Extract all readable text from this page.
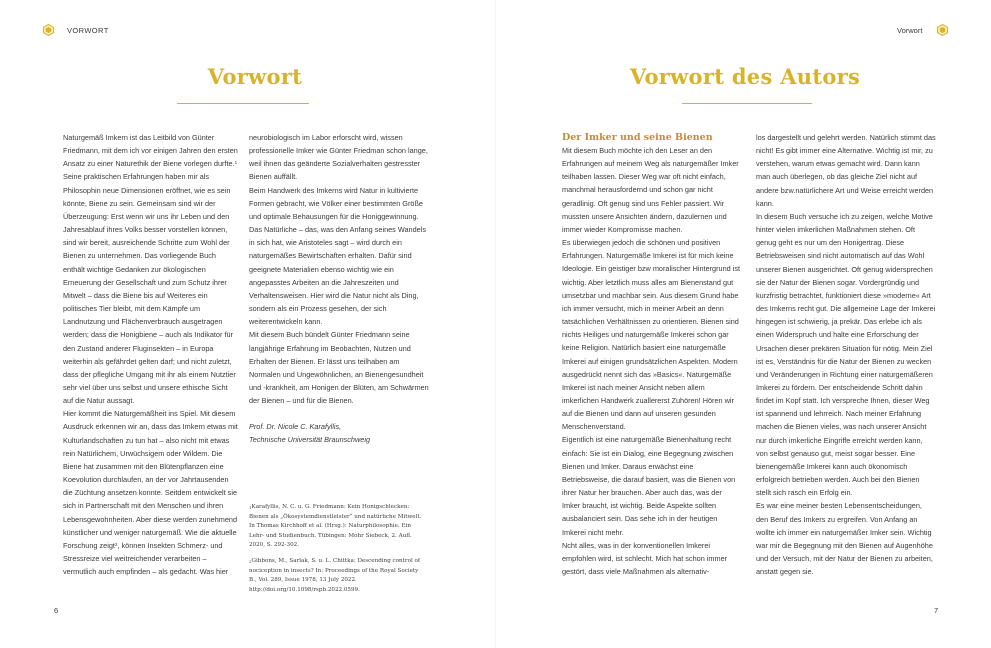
VORWORT
Vorwort

Naturgemäß Imkern ist das Leitbild von Günter Friedmann, mit dem ich vor einigen Jahren den ersten Ansatz zu einer Naturethik der Biene vorlegen durfte.$^1$ Seine praktischen Erfahrungen haben mir als Philosophin neue Dimensionen eröffnet, wie es sein könnte, Biene zu sein. Gemeinsam sind wir der Überzeugung: Erst wenn wir uns ihr Leben und den Jahresablauf ihres Volks besser vorstellen können, sind wir bereit, ausreichende Schritte zum Wohl der Bienen zu unternehmen. Das vorliegende Buch enthält wichtige Gedanken zur ökologischen Erneuerung der Gesellschaft und zum Schutz ihrer Mitwelt – dass die Biene bis auf Weiteres ein politisches Tier bleibt, mit dem Kämpfe um Landnutzung und Flächenverbrauch ausgetragen werden; dass die Honigbiene – auch als Indikator für den Zustand anderer Fluginsekten – in Europa weiterhin als gefährdet gelten darf; und nicht zuletzt, dass der pflegliche Umgang mit ihr als einem Nutztier sehr viel über uns selbst und unsere ethische Sicht auf die Natur aussagt.

Hier kommt die Naturgemäßheit ins Spiel. Mit diesem Ausdruck erkennen wir an, dass das Imkern etwas mit Kulturlandschaften zu tun hat – also nicht mit etwas rein Natürlichem, Urwüchsigem oder Wildem. Die Biene hat zusammen mit den Blütenpflanzen eine Koevolution durchlaufen, an der vor Jahrtausenden die Züchtung ansetzen konnte. Seitdem entwickelt sie sich in Partnerschaft mit den Menschen und ihren Lebensgewohnheiten. Aber diese werden zunehmend künstlicher und weniger naturgemäß. Wie die aktuelle Forschung zeigt$^2$, können Insekten Schmerz- und Stressreize viel weitreichender verarbeiten – vermutlich auch empfinden – als gedacht. Was hier

neurobiologisch im Labor erforscht wird, wissen professionelle Imker wie Günter Friedman schon lange, weil ihnen das geänderte Sozialverhalten gestresster Bienen auffällt.

Beim Handwerk des Imkerns wird Natur in kultivierte Formen gebracht, wie Völker einer bestimmten Größe und optimale Behausungen für die Honiggewinnung. Das Natürliche – das, was den Anfang seines Wandels in sich hat, wie Aristoteles sagt – wird durch ein naturgemäßes Bewirtschaften erhalten. Dafür sind geeignete Materialien ebenso wichtig wie ein angepasstes Arbeiten an die Jahreszeiten und Verhaltensweisen. Hier wird die Natur nicht als Ding, sondern als ein Prozess gesehen, der sich weiterentwickeln kann.

Mit diesem Buch bündelt Günter Friedmann seine langjährige Erfahrung im Beobachten, Nutzen und Erhalten der Bienen. Er lässt uns teilhaben am Normalen und Ungewöhnlichen, an Bienengesundheit und -krankheit, am Honigen der Blüten, am Schwärmen der Bienen – und für die Bienen.

Prof. Dr. Nicole C. Karafyllis,

Technische Universität Braunschweig

$^1$Karafyllis, N. C. u. G. Friedmann: Kein Honigschlecken: Bienen als „Ökosystemdienstleister“ und natürliche Mitwelt. In Thomas Kirchhoff et al. (Hrsg.): Naturphilosophie. Ein Lehr- und Studienbuch. Tübingen: Mohr Siebeck, 2. Aufl. 2020, S. 292-302.

$^2$Gibbons, M., Sarlak, S. u. L. Chittka: Descending control of nociception in insects? In: Proceedings of the Royal Society B., Vol. 289, Issue 1978, 13 July 2022. http://doi.org/10.1098/rspb.2022.0599.

6
Vorwort
Vorwort des Autors

Der Imker und seine Bienen

Mit diesem Buch möchte ich den Leser an den Erfahrungen auf meinem Weg als naturgemäßer Imker teilhaben lassen. Dieser Weg war oft nicht einfach, manchmal herausfordernd und schon gar nicht geradlinig. Oft genug sind uns Fehler passiert. Wir mussten unsere Ansichten ändern, dazulernen und immer wieder Kompromisse machen.

Es überwiegen jedoch die schönen und positiven Erfahrungen. Naturgemäße Imkerei ist für mich keine Ideologie. Ein geistiger bzw moralischer Hintergrund ist wichtig. Aber letztlich muss alles am Bienenstand gut umsetzbar und machbar sein. Aus diesem Grund habe ich immer versucht, mich in meiner Arbeit an denn tatsächlichen Verhältnissen zu orientieren. Bienen sind nichts Heiliges und naturgemäße Imkerei schon gar keine Religion. Natürlich basiert eine naturgemäße Imkerei auf einigen grundsätzlichen Aspekten. Modern ausgedrückt nennt sich das »Basics«. Naturgemäße Imkerei ist nach meiner Ansicht neben allem imkerlichen Handwerk zuallererst Zuhören! Hören wir auf die Bienen und dann auf unseren gesunden Menschenverstand.

Eigentlich ist eine naturgemäße Bienenhaltung recht einfach: Sie ist ein Dialog, eine Begegnung zwischen Bienen und Imker. Daraus erwächst eine Betriebsweise, die darauf basiert, was die Bienen von ihrer Natur her brauchen. Aber auch das, was der Imker braucht, ist wichtig. Beide Aspekte sollten ausbalanciert sein. Das sehe ich in der heutigen Imkerei nicht mehr.

Ncht alles, was in der konventionellen Imkerei empfohlen wird, ist schlecht. Mich hat schon immer gestört, dass viele Maßnahmen als alternativ-

los dargestellt und gelehrt werden. Natürlich stimmt das nicht! Es gibt immer eine Alternative. Wichtig ist mir, zu verstehen, warum etwas gemacht wird. Dann kann man auch überlegen, ob das gleiche Ziel nicht auf andere bzw.natürlichere Art und Weise erreicht werden kann.

In diesem Buch versuche ich zu zeigen, welche Motive hinter vielen imkerlichen Maßnahmen stehen. Oft genug geht es nur um den Honigertrag. Diese Betriebsweisen sind nicht automatisch auf das Wohl unserer Bienen ausgerichtet. Oft genug widersprechen sie der Natur der Bienen sogar. Vordergründig und kurzfristig betrachtet, funktioniert diese »moderne« Art des Imkerns recht gut. Die allgemeine Lage der Imkerei hingegen ist schwierig, ja prekär. Das erlebe ich als einen Widerspruch und halte eine Erforschung der Ursachen dieser prekären Situation für nötig. Mein Ziel ist es, Verständnis für die Natur der Bienen zu wecken und Veränderungen in Richtung einer naturgemäßeren Imkerei zu fördern. Der entscheidende Schritt dahin findet im Kopf statt. Ich verspreche Ihnen, dieser Weg ist spannend und lehrreich. Nach meiner Erfahrung machen die Bienen vieles, was nach unserer Ansicht nur durch imkerliche Eingriffe erreicht werden kann, von selbst genauso gut, meist sogar besser. Eine bienengemäße Imkerei kann auch ökonomisch erfolgreich betrieben werden. Auch bei den Bienen stellt sich rasch ein Erfolg ein.

Es war eine meiner besten Lebensentscheidungen, den Beruf des Imkers zu ergreifen. Von Anfang an wollte ich immer ein naturgemäßer Imker sein. Wichtig war mir die Begegnung mit den Bienen auf Augenhöhe und der Versuch, mit der Natur der Bienen zu arbeiten, anstatt gegen sie.

7
